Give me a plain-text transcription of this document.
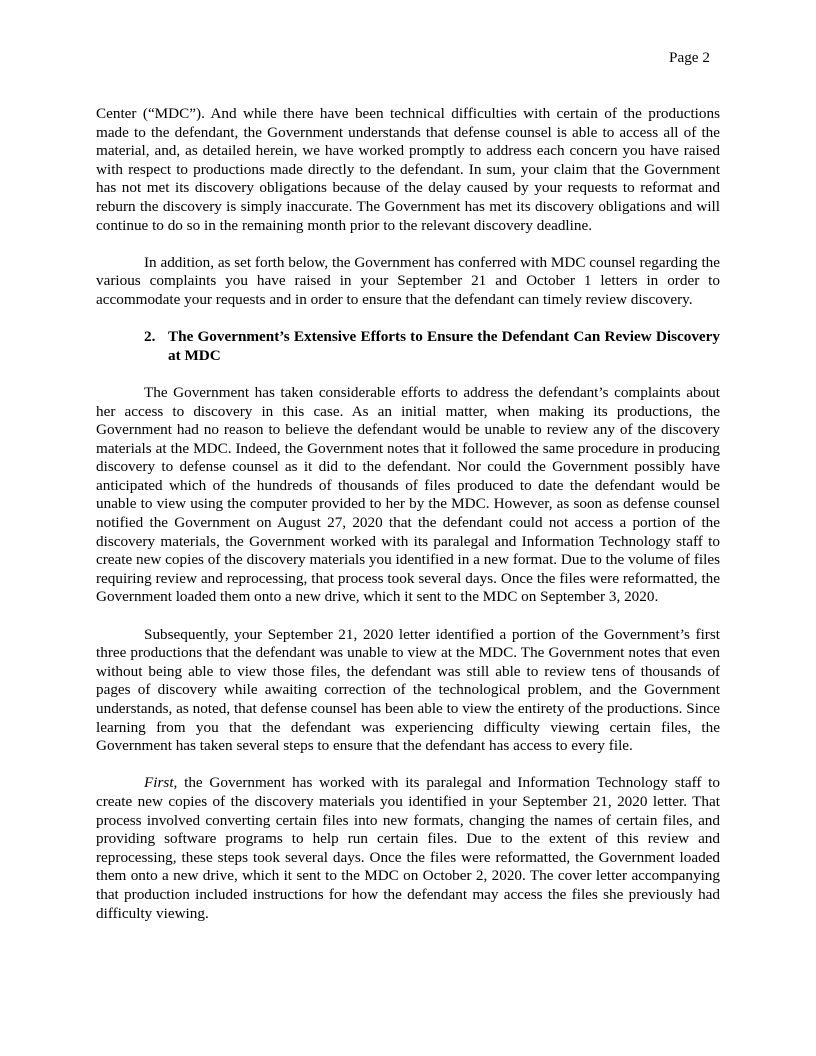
Page 2

Center (“MDC”). And while there have been technical difficulties with certain of the productions made to the defendant, the Government understands that defense counsel is able to access all of the material, and, as detailed herein, we have worked promptly to address each concern you have raised with respect to productions made directly to the defendant. In sum, your claim that the Government has not met its discovery obligations because of the delay caused by your requests to reformat and reburn the discovery is simply inaccurate. The Government has met its discovery obligations and will continue to do so in the remaining month prior to the relevant discovery deadline.

In addition, as set forth below, the Government has conferred with MDC counsel regarding the various complaints you have raised in your September 21 and October 1 letters in order to accommodate your requests and in order to ensure that the defendant can timely review discovery.

2. The Government’s Extensive Efforts to Ensure the Defendant Can Review Discovery at MDC

The Government has taken considerable efforts to address the defendant’s complaints about her access to discovery in this case. As an initial matter, when making its productions, the Government had no reason to believe the defendant would be unable to review any of the discovery materials at the MDC. Indeed, the Government notes that it followed the same procedure in producing discovery to defense counsel as it did to the defendant. Nor could the Government possibly have anticipated which of the hundreds of thousands of files produced to date the defendant would be unable to view using the computer provided to her by the MDC. However, as soon as defense counsel notified the Government on August 27, 2020 that the defendant could not access a portion of the discovery materials, the Government worked with its paralegal and Information Technology staff to create new copies of the discovery materials you identified in a new format. Due to the volume of files requiring review and reprocessing, that process took several days. Once the files were reformatted, the Government loaded them onto a new drive, which it sent to the MDC on September 3, 2020.

Subsequently, your September 21, 2020 letter identified a portion of the Government’s first three productions that the defendant was unable to view at the MDC. The Government notes that even without being able to view those files, the defendant was still able to review tens of thousands of pages of discovery while awaiting correction of the technological problem, and the Government understands, as noted, that defense counsel has been able to view the entirety of the productions. Since learning from you that the defendant was experiencing difficulty viewing certain files, the Government has taken several steps to ensure that the defendant has access to every file.

First, the Government has worked with its paralegal and Information Technology staff to create new copies of the discovery materials you identified in your September 21, 2020 letter. That process involved converting certain files into new formats, changing the names of certain files, and providing software programs to help run certain files. Due to the extent of this review and reprocessing, these steps took several days. Once the files were reformatted, the Government loaded them onto a new drive, which it sent to the MDC on October 2, 2020. The cover letter accompanying that production included instructions for how the defendant may access the files she previously had difficulty viewing.
